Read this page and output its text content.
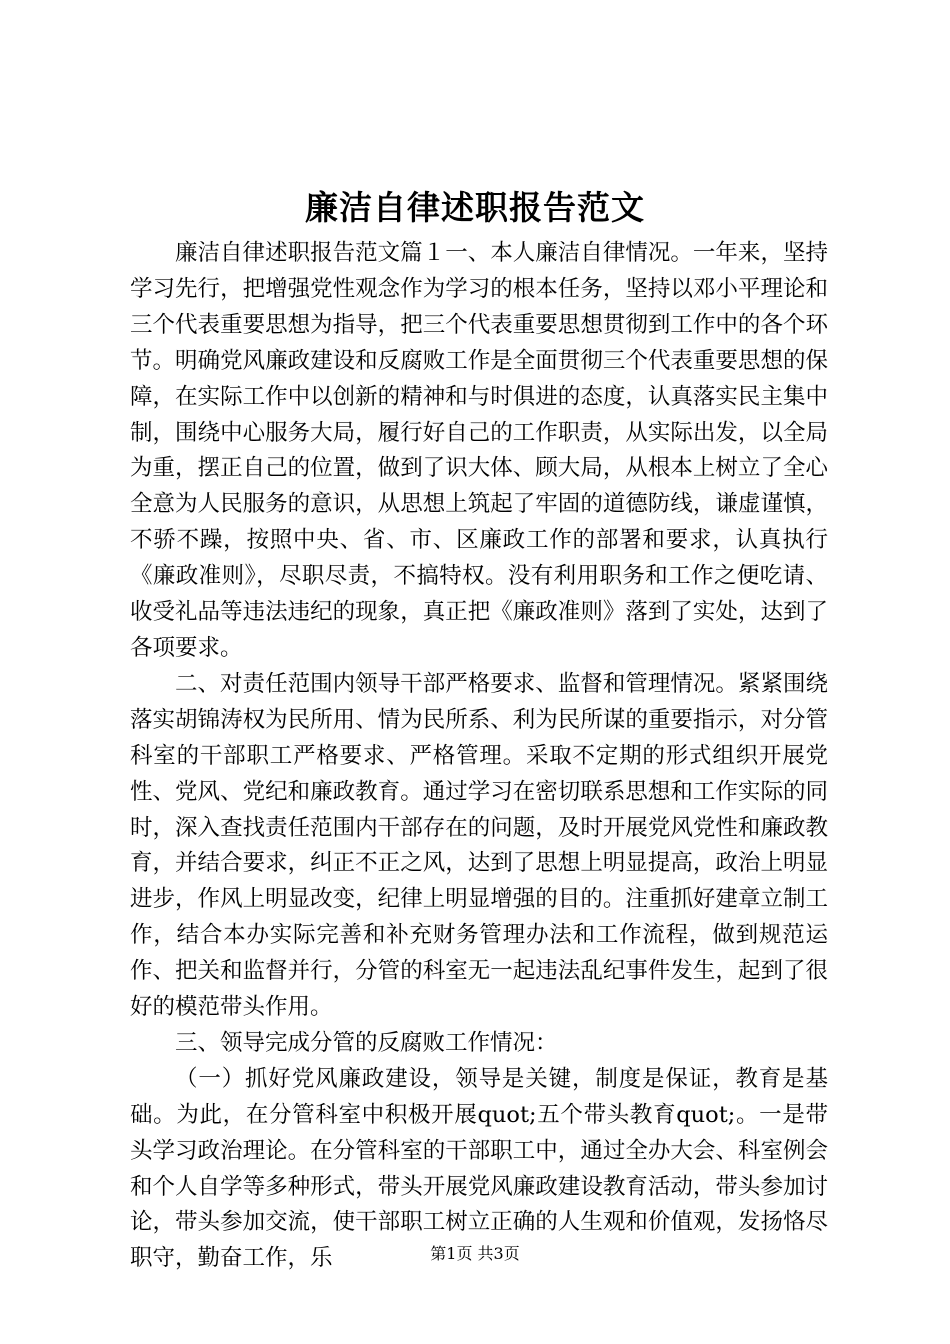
廉洁自律述职报告范文

廉洁自律述职报告范文篇１一、本人廉洁自律情况。一年来，坚持学习先行，把增强党性观念作为学习的根本任务，坚持以邓小平理论和三个代表重要思想为指导，把三个代表重要思想贯彻到工作中的各个环节。明确党风廉政建设和反腐败工作是全面贯彻三个代表重要思想的保障，在实际工作中以创新的精神和与时俱进的态度，认真落实民主集中制，围绕中心服务大局，履行好自己的工作职责，从实际出发，以全局为重，摆正自己的位置，做到了识大体、顾大局，从根本上树立了全心全意为人民服务的意识，从思想上筑起了牢固的道德防线，谦虚谨慎，不骄不躁，按照中央、省、市、区廉政工作的部署和要求，认真执行《廉政准则》，尽职尽责，不搞特权。没有利用职务和工作之便吃请、收受礼品等违法违纪的现象，真正把《廉政准则》落到了实处，达到了各项要求。

二、对责任范围内领导干部严格要求、监督和管理情况。紧紧围绕落实胡锦涛权为民所用、情为民所系、利为民所谋的重要指示，对分管科室的干部职工严格要求、严格管理。采取不定期的形式组织开展党性、党风、党纪和廉政教育。通过学习在密切联系思想和工作实际的同时，深入查找责任范围内干部存在的问题，及时开展党风党性和廉政教育，并结合要求，纠正不正之风，达到了思想上明显提高，政治上明显进步，作风上明显改变，纪律上明显增强的目的。注重抓好建章立制工作，结合本办实际完善和补充财务管理办法和工作流程，做到规范运作、把关和监督并行，分管的科室无一起违法乱纪事件发生，起到了很好的模范带头作用。

三、领导完成分管的反腐败工作情况：

（一）抓好党风廉政建设，领导是关键，制度是保证，教育是基础。为此，在分管科室中积极开展quot;五个带头教育quot;。一是带头学习政治理论。在分管科室的干部职工中，通过全办大会、科室例会和个人自学等多种形式，带头开展党风廉政建设教育活动，带头参加讨论，带头参加交流，使干部职工树立正确的人生观和价值观，发扬恪尽职守，勤奋工作，乐	第1页 共3页
